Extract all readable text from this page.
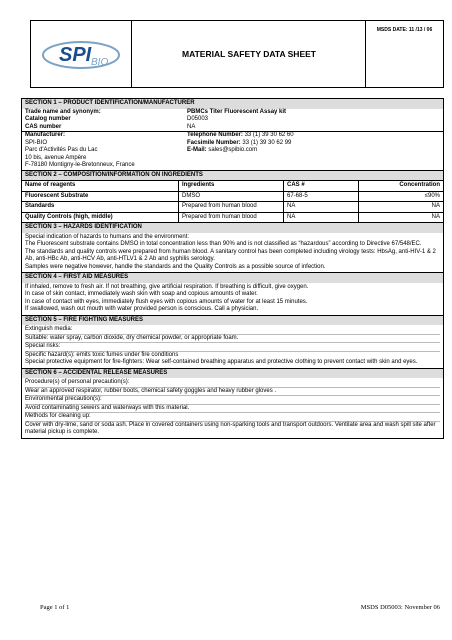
SPI BIO
MATERIAL SAFETY DATA SHEET
MSDS DATE: 11 /13 / 06
SECTION 1 – PRODUCT IDENTIFICATION/MANUFACTURER
Trade name and synonym:	PBMCs Titer Fluorescent Assay kit
Catalog number	D05003
CAS number	NA
Manufacturer:
SPI-BIO
Parc d'Activités Pas du Lac
10 bis, avenue Ampère
F-78180 Montigny-le-Bretonneux, France
Telephone Number: 33 (1) 39 30 62 60
Facsimile Number: 33 (1) 39 30 62 99
E-Mail: sales@spibio.com
SECTION 2 – COMPOSITION/INFORMATION ON INGREDIENTS
Name of reagents	Ingredients	CAS #	Concentration
Fluorescent Substrate	DMSO	67-68-5	≤90%
Standards	Prepared from human blood	NA	NA
Quality Controls (high, middle)	Prepared from human blood	NA	NA
SECTION 3 – HAZARDS IDENTIFICATION

Special indication of hazards to humans and the environment:

The Fluorescent substrate contains DMSO in total concentration less than 90% and is not classified as “hazardous” according to Directive 67/548/EC.

The standards and quality controls were prepared from human blood. A sanitary control has been completed including virology tests: HbsAg, anti-HIV-1 & 2 Ab, anti-HBc Ab, anti-HCV Ab, anti-HTLV1 & 2 Ab and syphilis serology.

Samples were negative however, handle the standards and the Quality Controls as a possible source of infection.

SECTION 4 – FIRST AID MEASURES

If inhaled, remove to fresh air. If not breathing, give artificial respiration. If breathing is difficult, give oxygen.

In case of skin contact, immediately wash skin with soap and copious amounts of water.

In case of contact with eyes, immediately flush eyes with copious amounts of water for at least 15 minutes.

If swallowed, wash out mouth with water provided person is conscious. Call a physician.

SECTION 5 – FIRE FIGHTING MEASURES

Extinguish media:

Suitable: water spray, carbon dioxide, dry chemical powder, or appropriate foam.

Special risks:

Specific hazard(s): emits toxic fumes under fire conditions

Special protective equipment for fire-fighters: Wear self-contained breathing apparatus and protective clothing to prevent contact with skin and eyes.

SECTION 6 – ACCIDENTAL RELEASE MEASURES

Procedure(s) of personal precaution(s):

Wear an approved respirator, rubber boots, chemical safety goggles and heavy rubber gloves .

Environmental precaution(s):

Avoid contaminating sewers and waterways with this material.

Methods for cleaning up:

Cover with dry-lime, sand or soda ash. Place in covered containers using non-sparking tools and transport outdoors. Ventilate area and wash spill site after material pickup is complete.

Page 1 of 1	MSDS D05003: November 06
